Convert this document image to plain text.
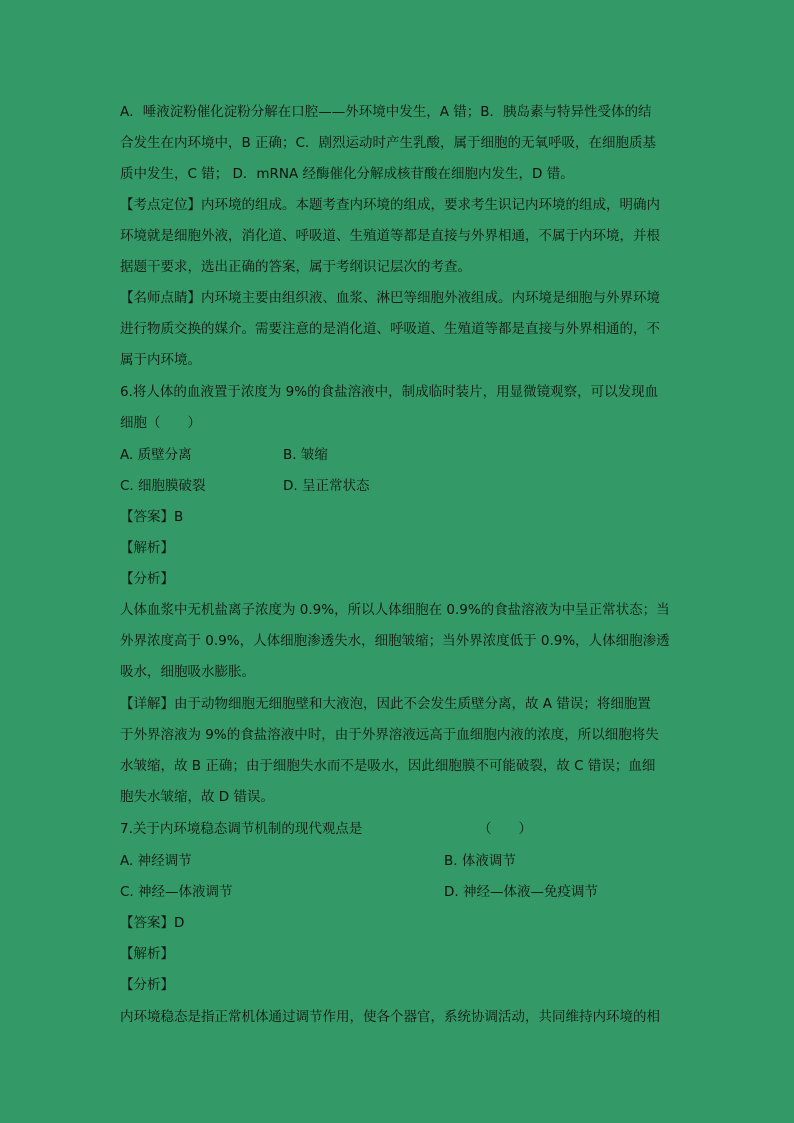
A．唾液淀粉催化淀粉分解在口腔——外环境中发生，A 错；B．胰岛素与特异性受体的结
合发生在内环境中，B 正确；C．剧烈运动时产生乳酸，属于细胞的无氧呼吸，在细胞质基
质中发生，C 错； D．mRNA 经酶催化分解成核苷酸在细胞内发生，D 错。
【考点定位】内环境的组成。本题考查内环境的组成，要求考生识记内环境的组成，明确内
环境就是细胞外液，消化道、呼吸道、生殖道等都是直接与外界相通，不属于内环境，并根
据题干要求，选出正确的答案，属于考纲识记层次的考查。
【名师点睛】内环境主要由组织液、血浆、淋巴等细胞外液组成。内环境是细胞与外界环境
进行物质交换的媒介。需要注意的是消化道、呼吸道、生殖道等都是直接与外界相通的，不
属于内环境。
6.将人体的血液置于浓度为 9%的食盐溶液中，制成临时装片，用显微镜观察，可以发现血
细胞（　　）
A. 质壁分离	B. 皱缩
C. 细胞膜破裂	D. 呈正常状态
【答案】B
【解析】
【分析】
人体血浆中无机盐离子浓度为 0.9%，所以人体细胞在 0.9%的食盐溶液为中呈正常状态；当
外界浓度高于 0.9%，人体细胞渗透失水，细胞皱缩；当外界浓度低于 0.9%，人体细胞渗透
吸水，细胞吸水膨胀。
【详解】由于动物细胞无细胞壁和大液泡，因此不会发生质壁分离，故 A 错误；将细胞置
于外界溶液为 9%的食盐溶液中时，由于外界溶液远高于血细胞内液的浓度，所以细胞将失
水皱缩，故 B 正确；由于细胞失水而不是吸水，因此细胞膜不可能破裂，故 C 错误；血细
胞失水皱缩，故 D 错误。
7.关于内环境稳态调节机制的现代观点是	（　　）
A. 神经调节	B. 体液调节
C. 神经—体液调节	D. 神经—体液—免疫调节
【答案】D
【解析】
【分析】
内环境稳态是指正常机体通过调节作用，使各个器官，系统协调活动，共同维持内环境的相
